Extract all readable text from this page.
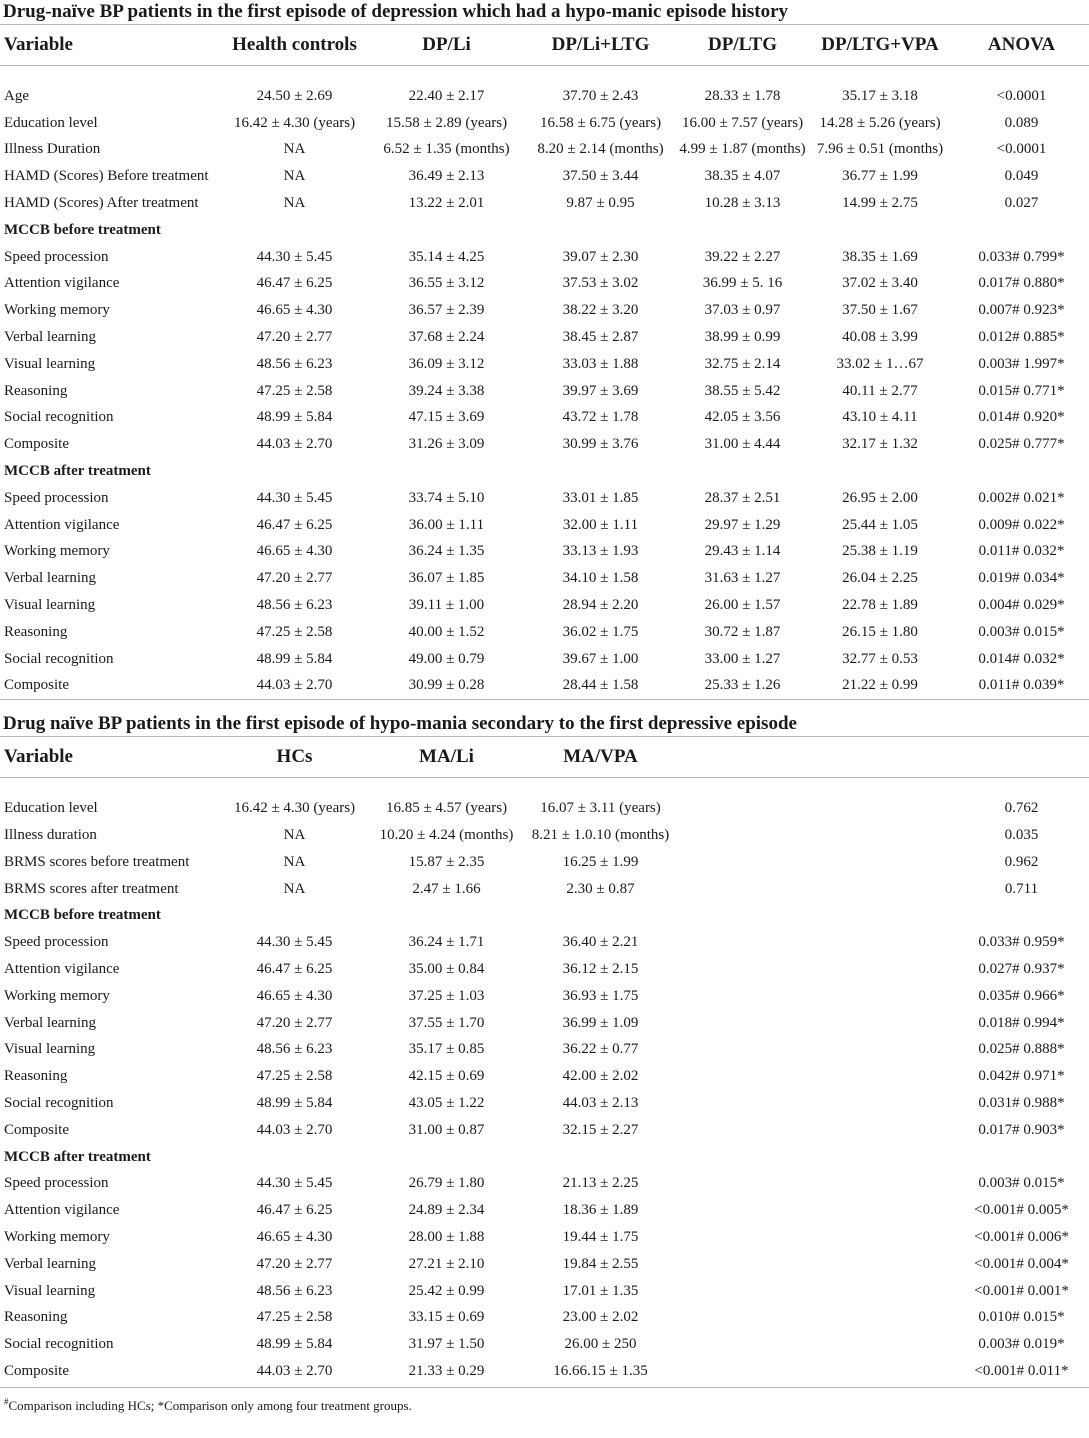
Drug-naïve BP patients in the first episode of depression which had a hypo-manic episode history
Variable	Health controls	DP/Li	DP/Li+LTG	DP/LTG	DP/LTG+VPA	ANOVA

Age	24.50 ± 2.69	22.40 ± 2.17	37.70 ± 2.43	28.33 ± 1.78	35.17 ± 3.18	<0.0001
Education level	16.42 ± 4.30 (years)	15.58 ± 2.89 (years)	16.58 ± 6.75 (years)	16.00 ± 7.57 (years)	14.28 ± 5.26 (years)	0.089
Illness Duration	NA	6.52 ± 1.35 (months)	8.20 ± 2.14 (months)	4.99 ± 1.87 (months)	7.96 ± 0.51 (months)	<0.0001
HAMD (Scores) Before treatment	NA	36.49 ± 2.13	37.50 ± 3.44	38.35 ± 4.07	36.77 ± 1.99	0.049
HAMD (Scores) After treatment	NA	13.22 ± 2.01	9.87 ± 0.95	10.28 ± 3.13	14.99 ± 2.75	0.027
MCCB before treatment						
Speed procession	44.30 ± 5.45	35.14 ± 4.25	39.07 ± 2.30	39.22 ± 2.27	38.35 ± 1.69	0.033# 0.799*
Attention vigilance	46.47 ± 6.25	36.55 ± 3.12	37.53 ± 3.02	36.99 ± 5. 16	37.02 ± 3.40	0.017# 0.880*
Working memory	46.65 ± 4.30	36.57 ± 2.39	38.22 ± 3.20	37.03 ± 0.97	37.50 ± 1.67	0.007# 0.923*
Verbal learning	47.20 ± 2.77	37.68 ± 2.24	38.45 ± 2.87	38.99 ± 0.99	40.08 ± 3.99	0.012# 0.885*
Visual learning	48.56 ± 6.23	36.09 ± 3.12	33.03 ± 1.88	32.75 ± 2.14	33.02 ± 1…67	0.003# 1.997*
Reasoning	47.25 ± 2.58	39.24 ± 3.38	39.97 ± 3.69	38.55 ± 5.42	40.11 ± 2.77	0.015# 0.771*
Social recognition	48.99 ± 5.84	47.15 ± 3.69	43.72 ± 1.78	42.05 ± 3.56	43.10 ± 4.11	0.014# 0.920*
Composite	44.03 ± 2.70	31.26 ± 3.09	30.99 ± 3.76	31.00 ± 4.44	32.17 ± 1.32	0.025# 0.777*
MCCB after treatment						
Speed procession	44.30 ± 5.45	33.74 ± 5.10	33.01 ± 1.85	28.37 ± 2.51	26.95 ± 2.00	0.002# 0.021*
Attention vigilance	46.47 ± 6.25	36.00 ± 1.11	32.00 ± 1.11	29.97 ± 1.29	25.44 ± 1.05	0.009# 0.022*
Working memory	46.65 ± 4.30	36.24 ± 1.35	33.13 ± 1.93	29.43 ± 1.14	25.38 ± 1.19	0.011# 0.032*
Verbal learning	47.20 ± 2.77	36.07 ± 1.85	34.10 ± 1.58	31.63 ± 1.27	26.04 ± 2.25	0.019# 0.034*
Visual learning	48.56 ± 6.23	39.11 ± 1.00	28.94 ± 2.20	26.00 ± 1.57	22.78 ± 1.89	0.004# 0.029*
Reasoning	47.25 ± 2.58	40.00 ± 1.52	36.02 ± 1.75	30.72 ± 1.87	26.15 ± 1.80	0.003# 0.015*
Social recognition	48.99 ± 5.84	49.00 ± 0.79	39.67 ± 1.00	33.00 ± 1.27	32.77 ± 0.53	0.014# 0.032*
Composite	44.03 ± 2.70	30.99 ± 0.28	28.44 ± 1.58	25.33 ± 1.26	21.22 ± 0.99	0.011# 0.039*
Drug naïve BP patients in the first episode of hypo-mania secondary to the first depressive episode
Variable	HCs	MA/Li	MA/VPA			

Education level	16.42 ± 4.30 (years)	16.85 ± 4.57 (years)	16.07 ± 3.11 (years)			0.762
Illness duration	NA	10.20 ± 4.24 (months)	8.21 ± 1.0.10 (months)			0.035
BRMS scores before treatment	NA	15.87 ± 2.35	16.25 ± 1.99			0.962
BRMS scores after treatment	NA	2.47 ± 1.66	2.30 ± 0.87			0.711
MCCB before treatment						
Speed procession	44.30 ± 5.45	36.24 ± 1.71	36.40 ± 2.21			0.033# 0.959*
Attention vigilance	46.47 ± 6.25	35.00 ± 0.84	36.12 ± 2.15			0.027# 0.937*
Working memory	46.65 ± 4.30	37.25 ± 1.03	36.93 ± 1.75			0.035# 0.966*
Verbal learning	47.20 ± 2.77	37.55 ± 1.70	36.99 ± 1.09			0.018# 0.994*
Visual learning	48.56 ± 6.23	35.17 ± 0.85	36.22 ± 0.77			0.025# 0.888*
Reasoning	47.25 ± 2.58	42.15 ± 0.69	42.00 ± 2.02			0.042# 0.971*
Social recognition	48.99 ± 5.84	43.05 ± 1.22	44.03 ± 2.13			0.031# 0.988*
Composite	44.03 ± 2.70	31.00 ± 0.87	32.15 ± 2.27			0.017# 0.903*
MCCB after treatment						
Speed procession	44.30 ± 5.45	26.79 ± 1.80	21.13 ± 2.25			0.003# 0.015*
Attention vigilance	46.47 ± 6.25	24.89 ± 2.34	18.36 ± 1.89			<0.001# 0.005*
Working memory	46.65 ± 4.30	28.00 ± 1.88	19.44 ± 1.75			<0.001# 0.006*
Verbal learning	47.20 ± 2.77	27.21 ± 2.10	19.84 ± 2.55			<0.001# 0.004*
Visual learning	48.56 ± 6.23	25.42 ± 0.99	17.01 ± 1.35			<0.001# 0.001*
Reasoning	47.25 ± 2.58	33.15 ± 0.69	23.00 ± 2.02			0.010# 0.015*
Social recognition	48.99 ± 5.84	31.97 ± 1.50	26.00 ± 250			0.003# 0.019*
Composite	44.03 ± 2.70	21.33 ± 0.29	16.66.15 ± 1.35			<0.001# 0.011*
#Comparison including HCs; *Comparison only among four treatment groups.
